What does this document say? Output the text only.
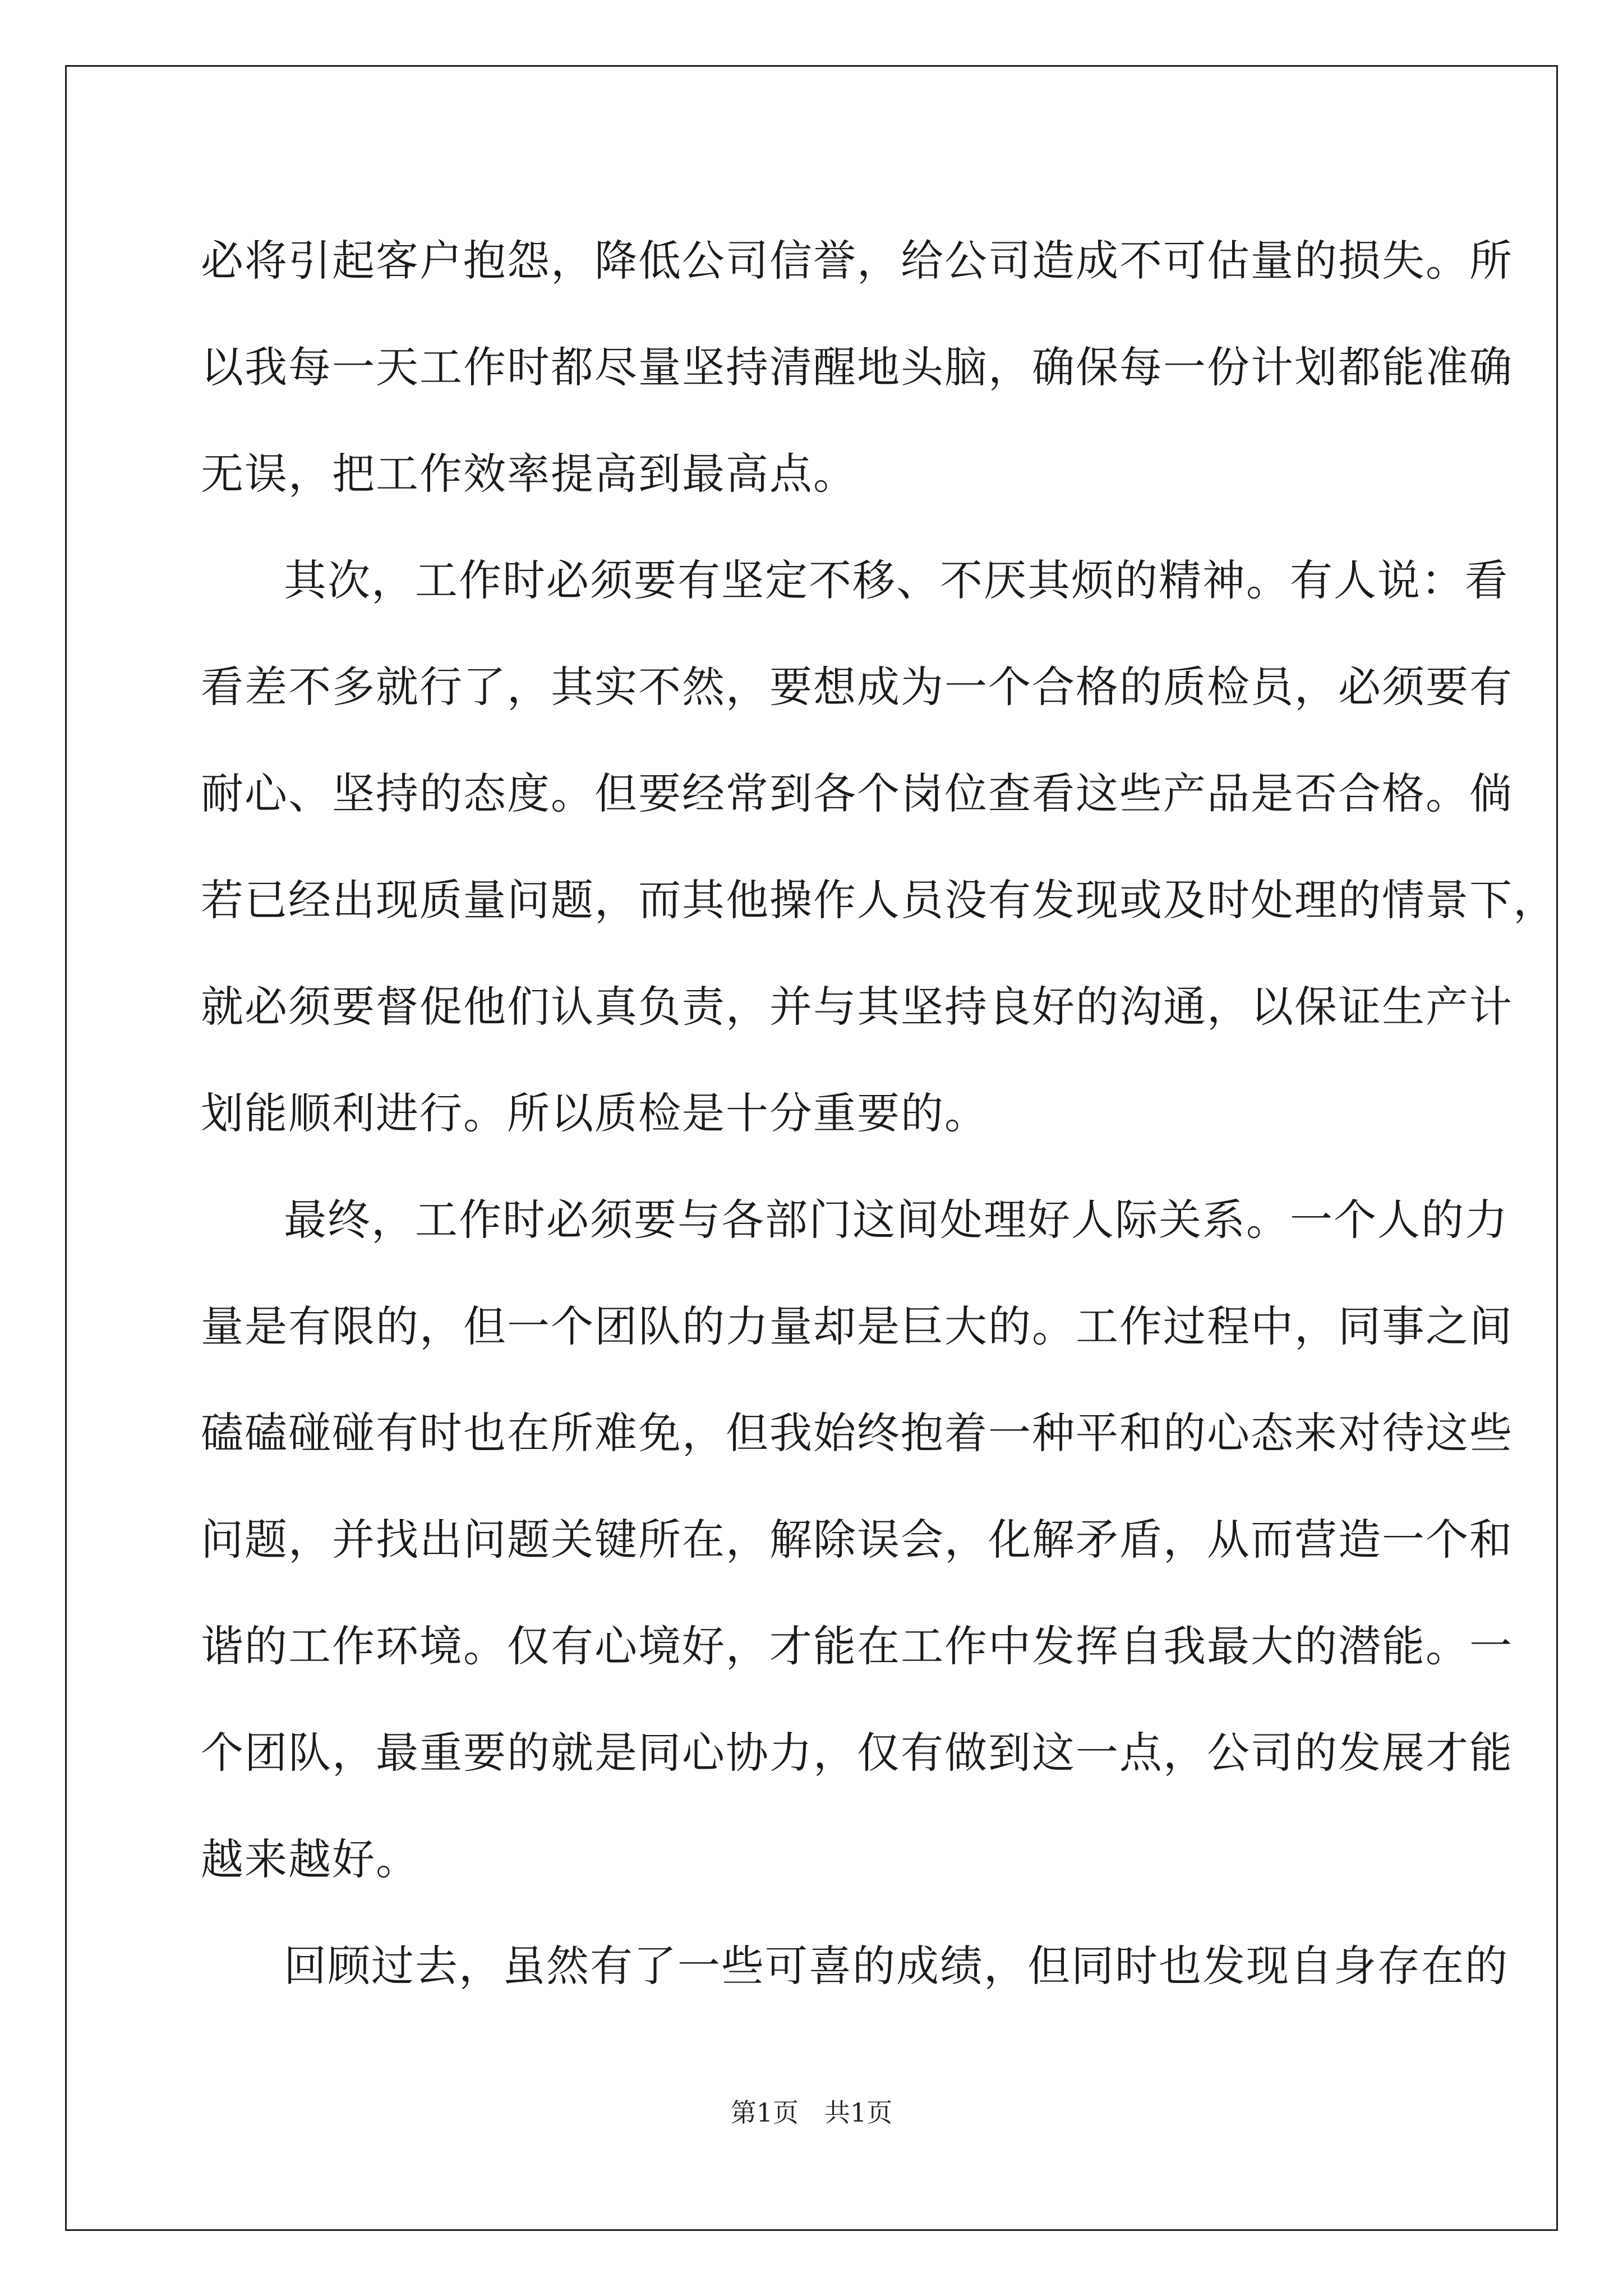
必将引起客户抱怨，降低公司信誉，给公司造成不可估量的损失。所
以我每一天工作时都尽量坚持清醒地头脑，确保每一份计划都能准确
无误，把工作效率提高到最高点。
其次，工作时必须要有坚定不移、不厌其烦的精神。有人说：看
看差不多就行了，其实不然，要想成为一个合格的质检员，必须要有
耐心、坚持的态度。但要经常到各个岗位查看这些产品是否合格。倘
若已经出现质量问题，而其他操作人员没有发现或及时处理的情景下，
就必须要督促他们认真负责，并与其坚持良好的沟通，以保证生产计
划能顺利进行。所以质检是十分重要的。
最终，工作时必须要与各部门这间处理好人际关系。一个人的力
量是有限的，但一个团队的力量却是巨大的。工作过程中，同事之间
磕磕碰碰有时也在所难免，但我始终抱着一种平和的心态来对待这些
问题，并找出问题关键所在，解除误会，化解矛盾，从而营造一个和
谐的工作环境。仅有心境好，才能在工作中发挥自我最大的潜能。一
个团队，最重要的就是同心协力，仅有做到这一点，公司的发展才能
越来越好。
回顾过去，虽然有了一些可喜的成绩，但同时也发现自身存在的
第1页　共1页
